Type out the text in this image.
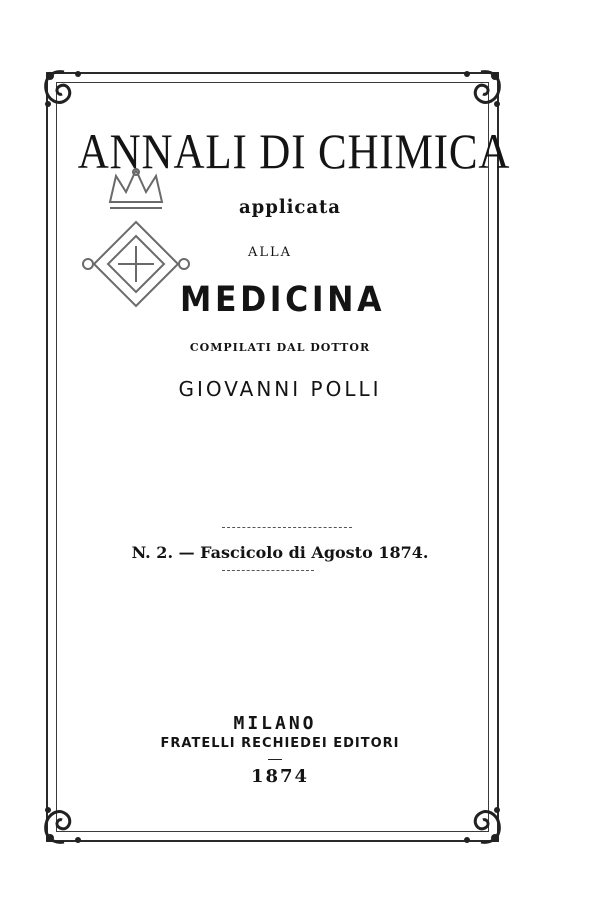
ANNALI DI CHIMICA
applicata
ALLA
MEDICINA
COMPILATI DAL DOTTOR
GIOVANNI POLLI
N. 2. — Fascicolo di Agosto 1874.
MILANO
FRATELLI RECHIEDEI EDITORI
1874
